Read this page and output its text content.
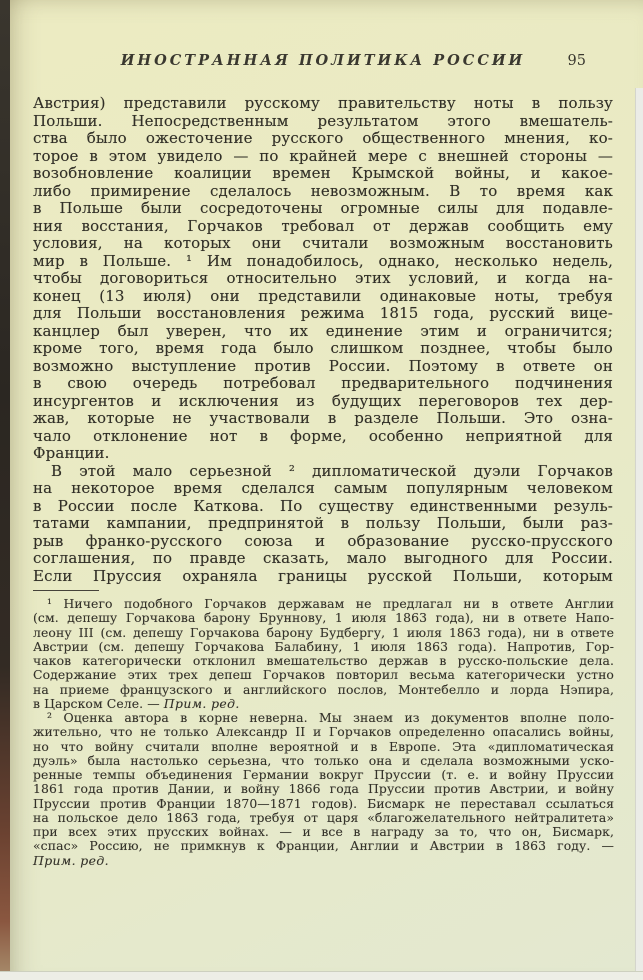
ИНОСТРАННАЯ ПОЛИТИКА РОССИИ	95
Австрия) представили русскому правительству ноты в пользу
Польши. Непосредственным результатом этого вмешатель-
ства было ожесточение русского общественного мнения, ко-
торое в этом увидело — по крайней мере с внешней стороны —
возобновление коалиции времен Крымской войны, и какое-
либо примирение сделалось невозможным. В то время как
в Польше были сосредоточены огромные силы для подавле-
ния восстания, Горчаков требовал от держав сообщить ему
условия, на которых они считали возможным восстановить
мир в Польше. ¹ Им понадобилось, однако, несколько недель,
чтобы договориться относительно этих условий, и когда на-
конец (13 июля) они представили одинаковые ноты, требуя
для Польши восстановления режима 1815 года, русский вице-
канцлер был уверен, что их единение этим и ограничится;
кроме того, время года было слишком позднее, чтобы было
возможно выступление против России. Поэтому в ответе он
в свою очередь потребовал предварительного подчинения
инсургентов и исключения из будущих переговоров тех дер-
жав, которые не участвовали в разделе Польши. Это озна-
чало отклонение нот в форме, особенно неприятной для
Франции.
В этой мало серьезной ² дипломатической дуэли Горчаков
на некоторое время сделался самым популярным человеком
в России после Каткова. По существу единственными резуль-
татами кампании, предпринятой в пользу Польши, были раз-
рыв франко-русского союза и образование русско-прусского
соглашения, по правде сказать, мало выгодного для России.
Если Пруссия охраняла границы русской Польши, которым
¹ Ничего подобного Горчаков державам не предлагал ни в ответе Англии
(см. депешу Горчакова барону Бруннову, 1 июля 1863 года), ни в ответе Напо-
леону III (см. депешу Горчакова барону Будбергу, 1 июля 1863 года), ни в ответе
Австрии (см. депешу Горчакова Балабину, 1 июля 1863 года). Напротив, Гор-
чаков категорически отклонил вмешательство держав в русско-польские дела.
Содержание этих трех депеш Горчаков повторил весьма категорически устно
на приеме французского и английского послов, Монтебелло и лорда Нэпира,
в Царском Селе. — Прим. ред.
² Оценка автора в корне неверна. Мы знаем из документов вполне поло-
жительно, что не только Александр II и Горчаков определенно опасались войны,
но что войну считали вполне вероятной и в Европе. Эта «дипломатическая
дуэль» была настолько серьезна, что только она и сделала возможными уско-
ренные темпы объединения Германии вокруг Пруссии (т. е. и войну Пруссии
1861 года против Дании, и войну 1866 года Пруссии против Австрии, и войну
Пруссии против Франции 1870—1871 годов). Бисмарк не переставал ссылаться
на польское дело 1863 года, требуя от царя «благожелательного нейтралитета»
при всех этих прусских войнах. — и все в награду за то, что он, Бисмарк,
«спас» Россию, не примкнув к Франции, Англии и Австрии в 1863 году. —
Прим. ред.
